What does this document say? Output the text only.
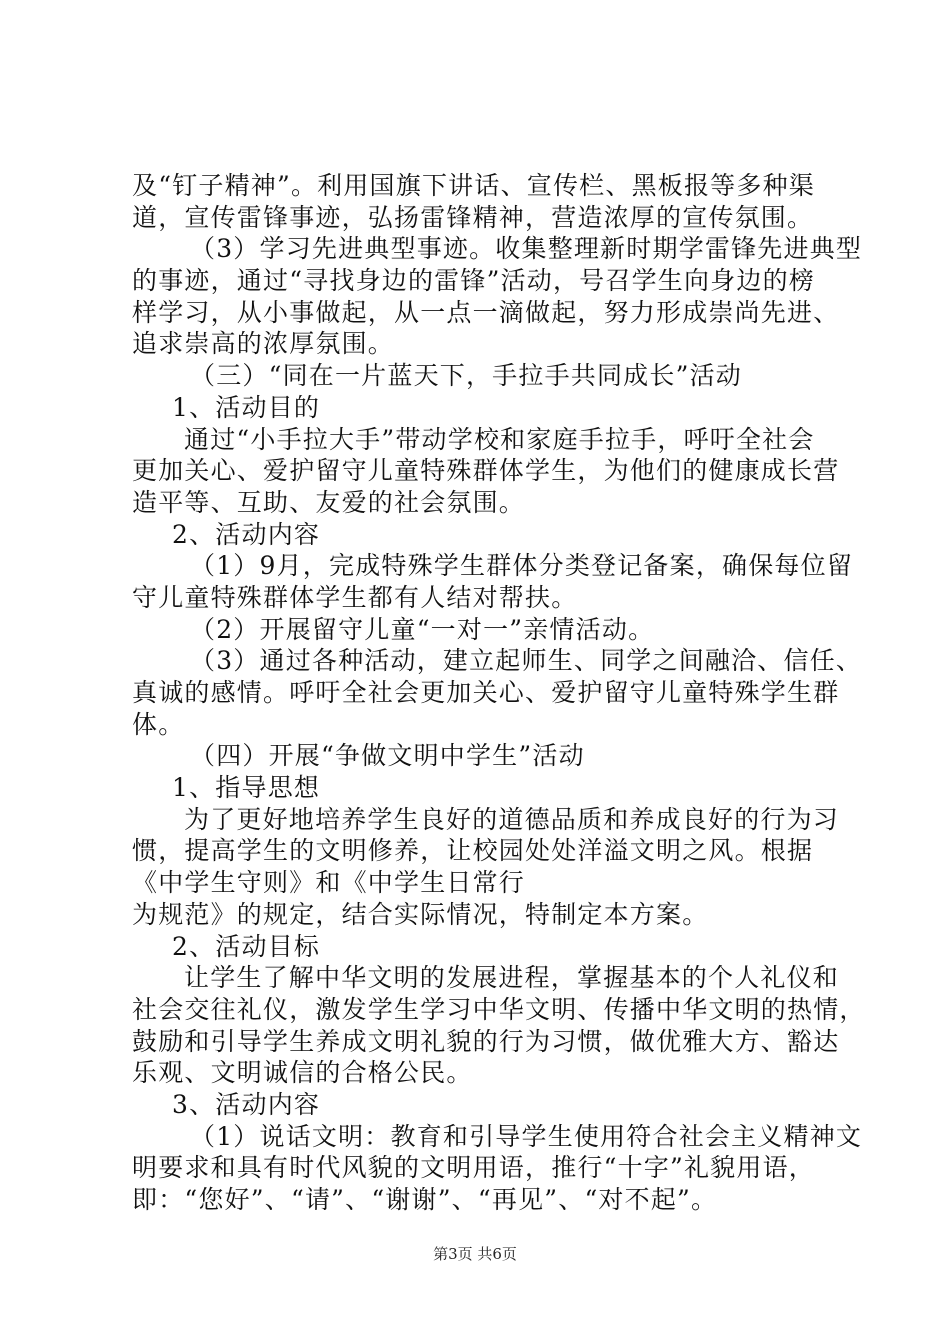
及“钉子精神”。利用国旗下讲话、宣传栏、黑板报等多种渠
道，宣传雷锋事迹，弘扬雷锋精神，营造浓厚的宣传氛围。
（3）学习先进典型事迹。收集整理新时期学雷锋先进典型
的事迹，通过“寻找身边的雷锋”活动，号召学生向身边的榜
样学习，从小事做起，从一点一滴做起，努力形成崇尚先进、
追求崇高的浓厚氛围。
（三）“同在一片蓝天下，手拉手共同成长”活动
1、活动目的
通过“小手拉大手”带动学校和家庭手拉手，呼吁全社会
更加关心、爱护留守儿童特殊群体学生，为他们的健康成长营
造平等、互助、友爱的社会氛围。
2、活动内容
（1）9月，完成特殊学生群体分类登记备案，确保每位留
守儿童特殊群体学生都有人结对帮扶。
（2）开展留守儿童“一对一”亲情活动。
（3）通过各种活动，建立起师生、同学之间融洽、信任、
真诚的感情。呼吁全社会更加关心、爱护留守儿童特殊学生群
体。
（四）开展“争做文明中学生”活动
1、指导思想
为了更好地培养学生良好的道德品质和养成良好的行为习
惯，提高学生的文明修养，让校园处处洋溢文明之风。根据
《中学生守则》和《中学生日常行
为规范》的规定，结合实际情况，特制定本方案。
2、活动目标
让学生了解中华文明的发展进程，掌握基本的个人礼仪和
社会交往礼仪，激发学生学习中华文明、传播中华文明的热情，
鼓励和引导学生养成文明礼貌的行为习惯，做优雅大方、豁达
乐观、文明诚信的合格公民。
3、活动内容
（1）说话文明：教育和引导学生使用符合社会主义精神文
明要求和具有时代风貌的文明用语，推行“十字”礼貌用语，
即：“您好”、“请”、“谢谢”、“再见”、“对不起”。
第3页 共6页
